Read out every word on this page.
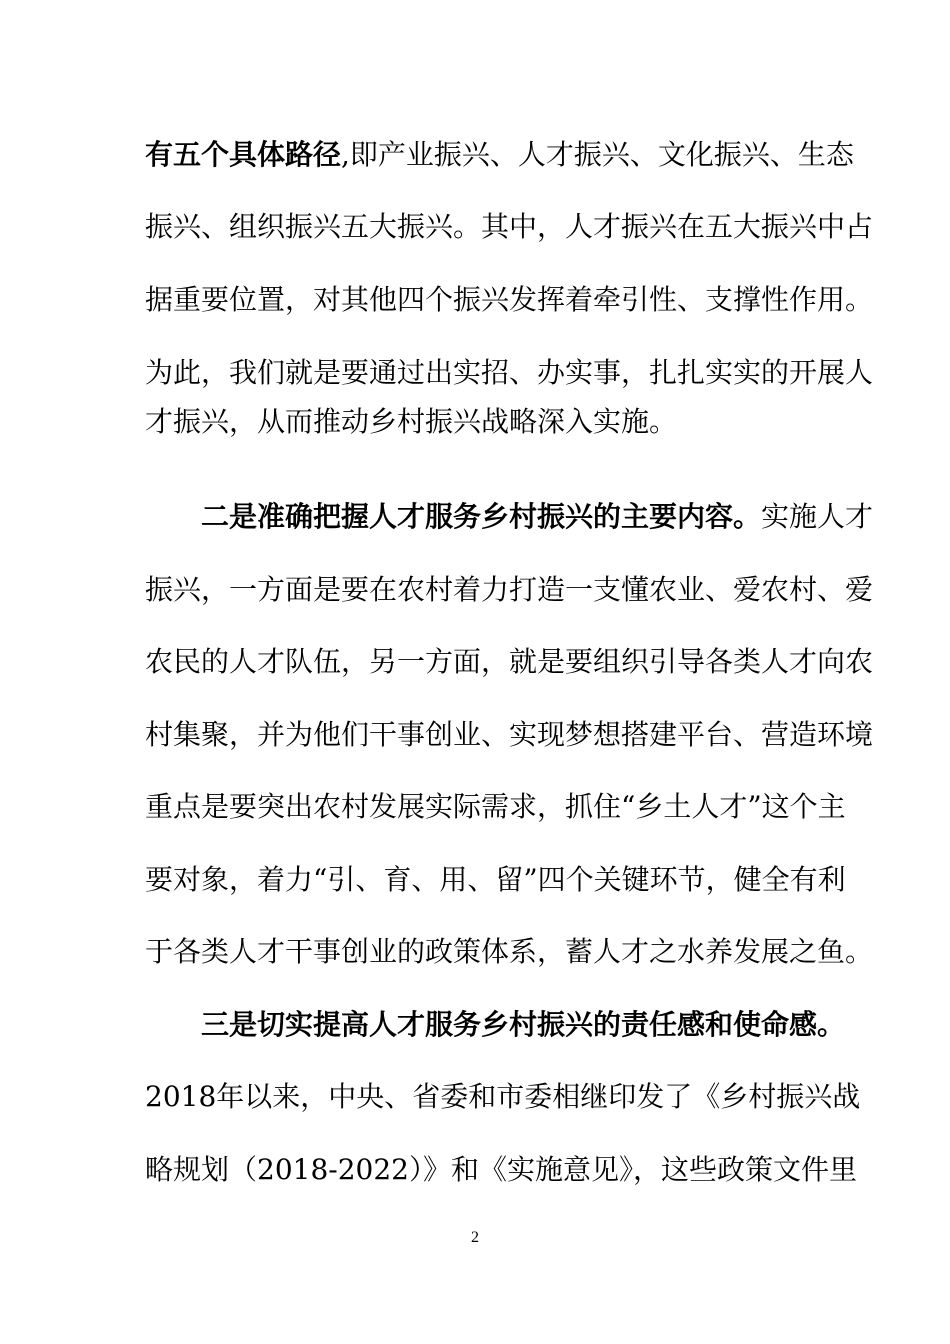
有五个具体路径,即产业振兴、人才振兴、文化振兴、生态
振兴、组织振兴五大振兴。其中，人才振兴在五大振兴中占
据重要位置，对其他四个振兴发挥着牵引性、支撑性作用。
为此，我们就是要通过出实招、办实事，扎扎实实的开展人
才振兴，从而推动乡村振兴战略深入实施。
二是准确把握人才服务乡村振兴的主要内容。实施人才
振兴，一方面是要在农村着力打造一支懂农业、爱农村、爱
农民的人才队伍，另一方面，就是要组织引导各类人才向农
村集聚，并为他们干事创业、实现梦想搭建平台、营造环境
重点是要突出农村发展实际需求，抓住“乡土人才”这个主
要对象，着力“引、育、用、留”四个关键环节，健全有利
于各类人才干事创业的政策体系，蓄人才之水养发展之鱼。
三是切实提高人才服务乡村振兴的责任感和使命感。
2018年以来，中央、省委和市委相继印发了《乡村振兴战
略规划（2018-2022）》和《实施意见》，这些政策文件里
2
